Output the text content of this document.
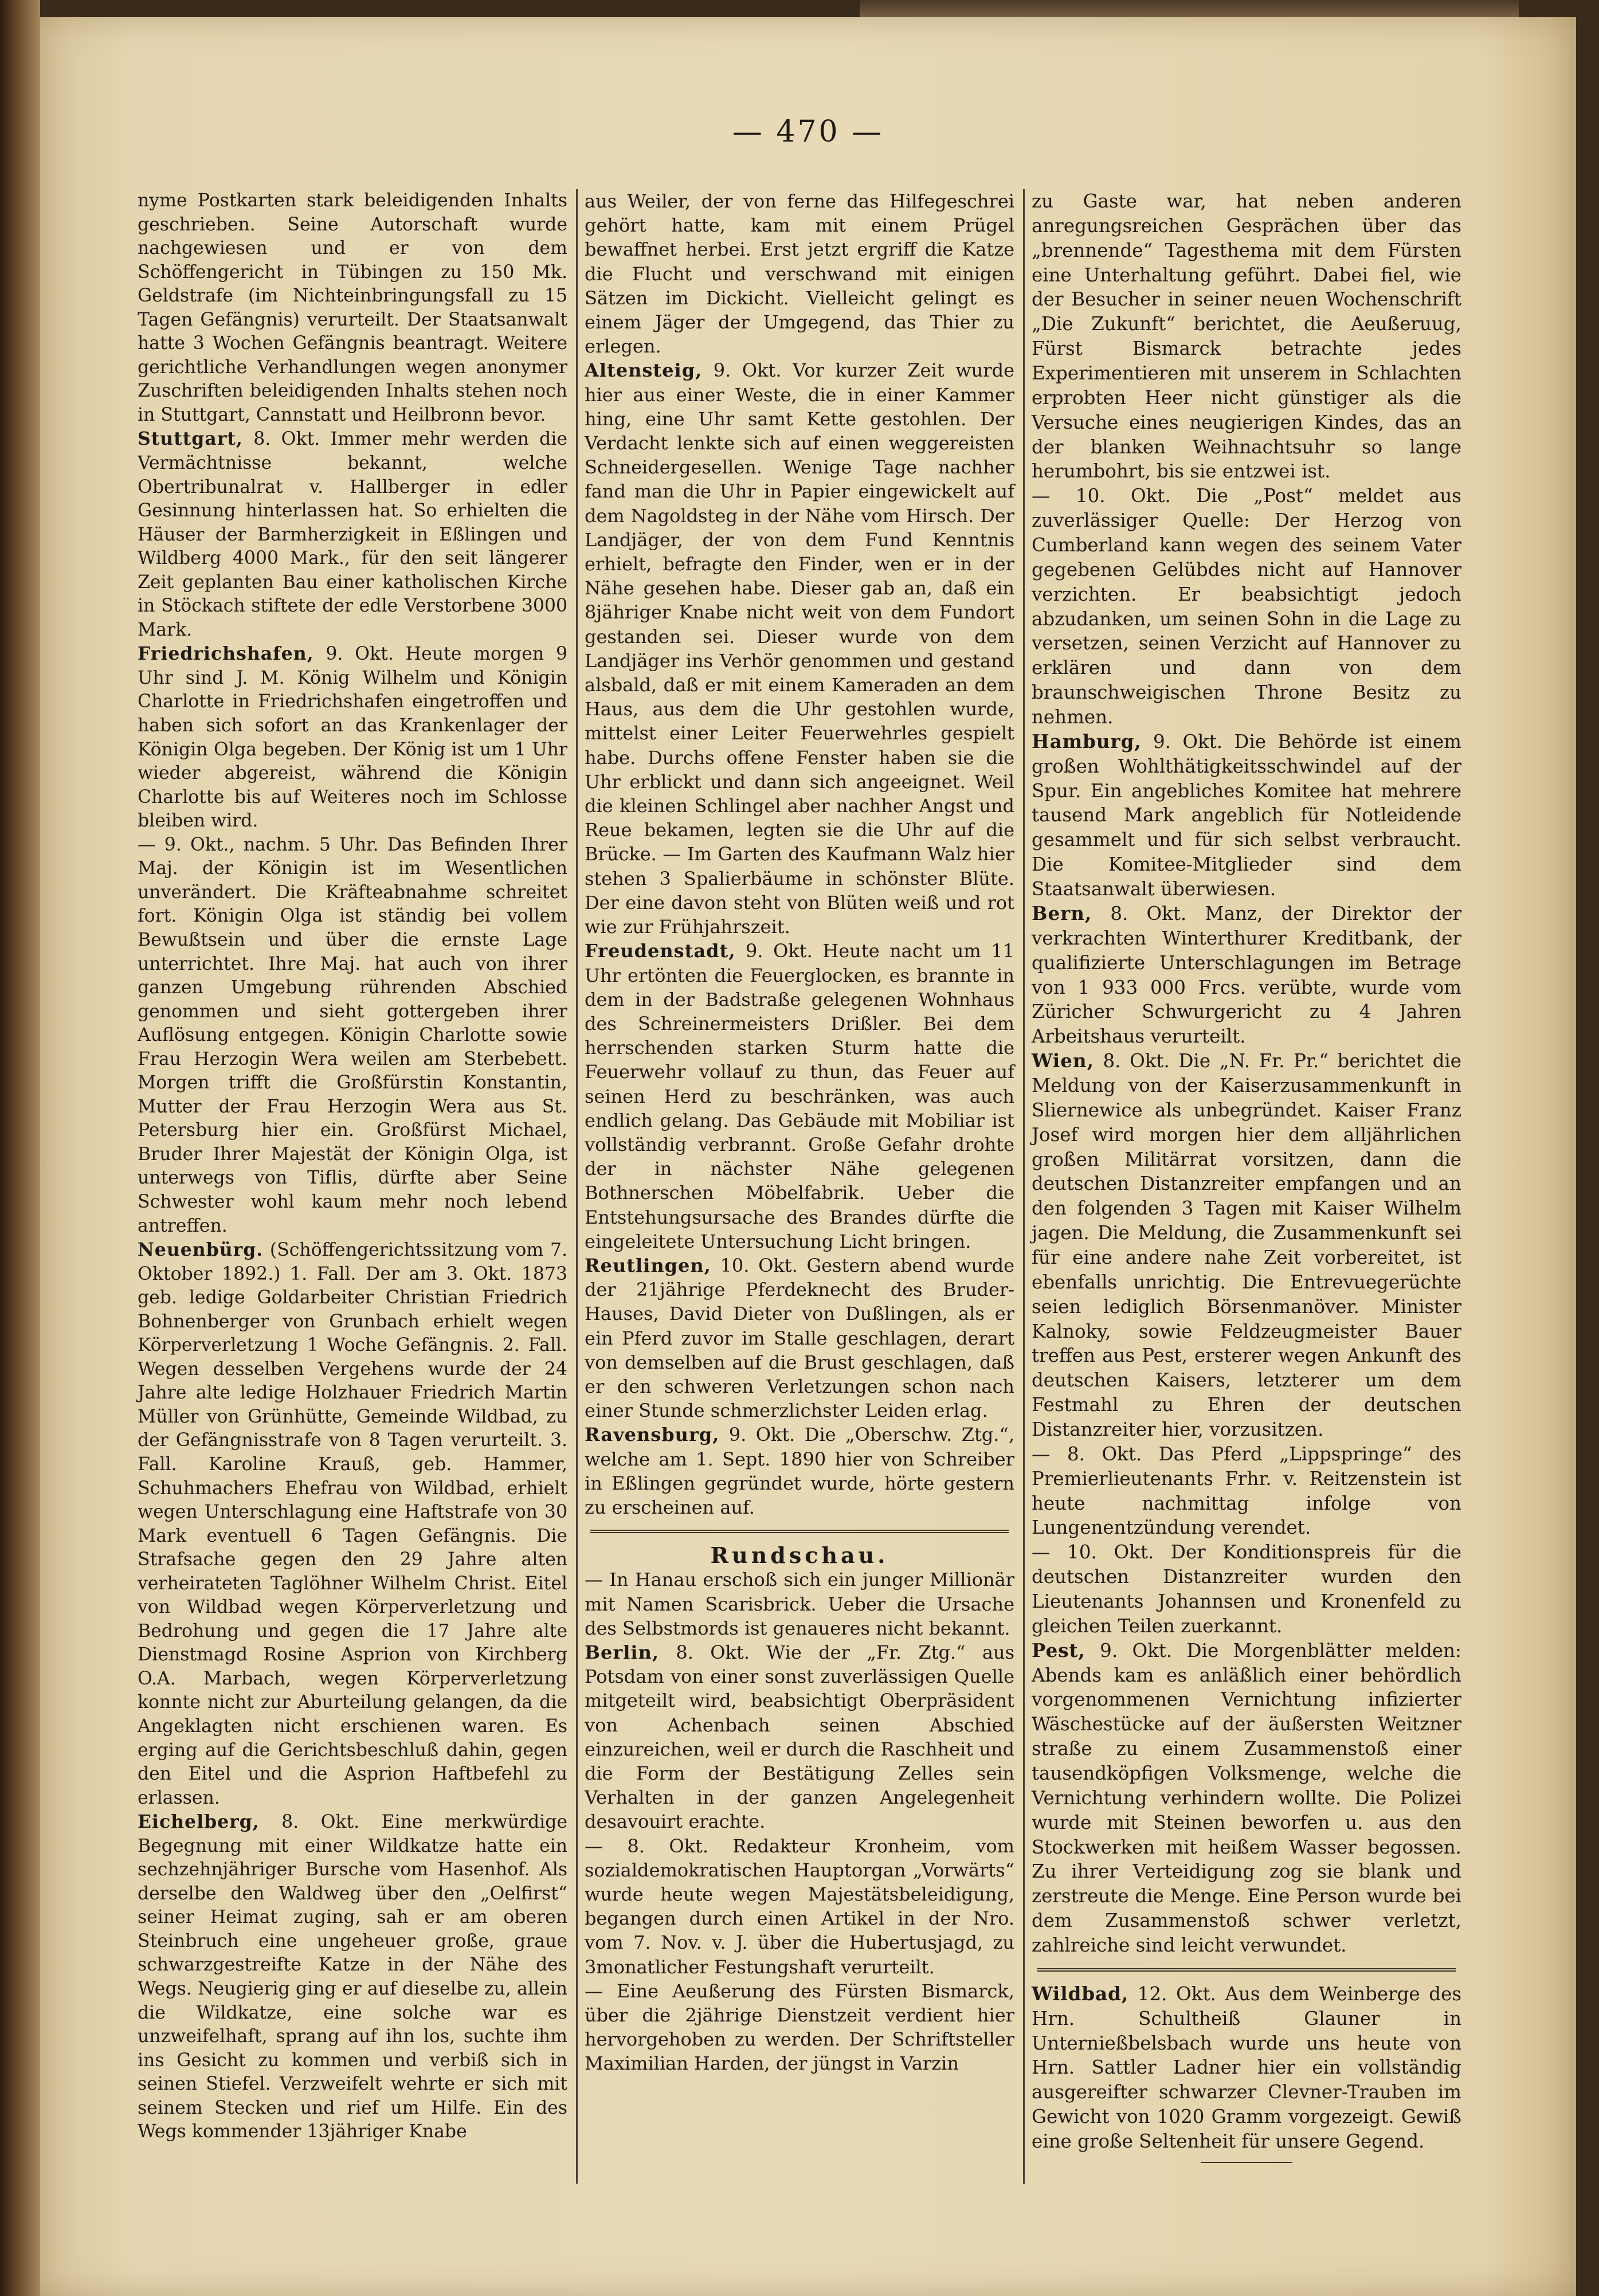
— 470 —

nyme Postkarten stark beleidigenden Inhalts geschrieben. Seine Autorschaft wurde nachgewiesen und er von dem Schöffengericht in Tübingen zu 150 Mk. Geldstrafe (im Nichteinbringungsfall zu 15 Tagen Gefängnis) verurteilt. Der Staatsanwalt hatte 3 Wochen Gefängnis beantragt. Weitere gerichtliche Verhandlungen wegen anonymer Zuschriften beleidigenden Inhalts stehen noch in Stuttgart, Cannstatt und Heilbronn bevor.

Stuttgart, 8. Okt. Immer mehr werden die Vermächtnisse bekannt, welche Obertribunalrat v. Hallberger in edler Gesinnung hinterlassen hat. So erhielten die Häuser der Barmherzigkeit in Eßlingen und Wildberg 4000 Mark., für den seit längerer Zeit geplanten Bau einer katholischen Kirche in Stöckach stiftete der edle Verstorbene 3000 Mark.

Friedrichshafen, 9. Okt. Heute morgen 9 Uhr sind J. M. König Wilhelm und Königin Charlotte in Friedrichshafen eingetroffen und haben sich sofort an das Krankenlager der Königin Olga begeben. Der König ist um 1 Uhr wieder abgereist, während die Königin Charlotte bis auf Weiteres noch im Schlosse bleiben wird.

— 9. Okt., nachm. 5 Uhr. Das Befinden Ihrer Maj. der Königin ist im Wesentlichen unverändert. Die Kräfteabnahme schreitet fort. Königin Olga ist ständig bei vollem Bewußtsein und über die ernste Lage unterrichtet. Ihre Maj. hat auch von ihrer ganzen Umgebung rührenden Abschied genommen und sieht gottergeben ihrer Auflösung entgegen. Königin Charlotte sowie Frau Herzogin Wera weilen am Sterbebett. Morgen trifft die Großfürstin Konstantin, Mutter der Frau Herzogin Wera aus St. Petersburg hier ein. Großfürst Michael, Bruder Ihrer Majestät der Königin Olga, ist unterwegs von Tiflis, dürfte aber Seine Schwester wohl kaum mehr noch lebend antreffen.

Neuenbürg. (Schöffengerichtssitzung vom 7. Oktober 1892.) 1. Fall. Der am 3. Okt. 1873 geb. ledige Goldarbeiter Christian Friedrich Bohnenberger von Grunbach erhielt wegen Körperverletzung 1 Woche Gefängnis. 2. Fall. Wegen desselben Vergehens wurde der 24 Jahre alte ledige Holzhauer Friedrich Martin Müller von Grünhütte, Gemeinde Wildbad, zu der Gefängnisstrafe von 8 Tagen verurteilt. 3. Fall. Karoline Krauß, geb. Hammer, Schuhmachers Ehefrau von Wildbad, erhielt wegen Unterschlagung eine Haftstrafe von 30 Mark eventuell 6 Tagen Gefängnis. Die Strafsache gegen den 29 Jahre alten verheirateten Taglöhner Wilhelm Christ. Eitel von Wildbad wegen Körperverletzung und Bedrohung und gegen die 17 Jahre alte Dienstmagd Rosine Asprion von Kirchberg O.A. Marbach, wegen Körperverletzung konnte nicht zur Aburteilung gelangen, da die Angeklagten nicht erschienen waren. Es erging auf die Gerichtsbeschluß dahin, gegen den Eitel und die Asprion Haftbefehl zu erlassen.

Eichelberg, 8. Okt. Eine merkwürdige Begegnung mit einer Wildkatze hatte ein sechzehnjähriger Bursche vom Hasenhof. Als derselbe den Waldweg über den „Oelfirst“ seiner Heimat zuging, sah er am oberen Steinbruch eine ungeheuer große, graue schwarzgestreifte Katze in der Nähe des Wegs. Neugierig ging er auf dieselbe zu, allein die Wildkatze, eine solche war es unzweifelhaft, sprang auf ihn los, suchte ihm ins Gesicht zu kommen und verbiß sich in seinen Stiefel. Verzweifelt wehrte er sich mit seinem Stecken und rief um Hilfe. Ein des Wegs kommender 13jähriger Knabe

aus Weiler, der von ferne das Hilfegeschrei gehört hatte, kam mit einem Prügel bewaffnet herbei. Erst jetzt ergriff die Katze die Flucht und verschwand mit einigen Sätzen im Dickicht. Vielleicht gelingt es einem Jäger der Umgegend, das Thier zu erlegen.

Altensteig, 9. Okt. Vor kurzer Zeit wurde hier aus einer Weste, die in einer Kammer hing, eine Uhr samt Kette gestohlen. Der Verdacht lenkte sich auf einen weggereisten Schneidergesellen. Wenige Tage nachher fand man die Uhr in Papier eingewickelt auf dem Nagoldsteg in der Nähe vom Hirsch. Der Landjäger, der von dem Fund Kenntnis erhielt, befragte den Finder, wen er in der Nähe gesehen habe. Dieser gab an, daß ein 8jähriger Knabe nicht weit von dem Fundort gestanden sei. Dieser wurde von dem Landjäger ins Verhör genommen und gestand alsbald, daß er mit einem Kameraden an dem Haus, aus dem die Uhr gestohlen wurde, mittelst einer Leiter Feuerwehrles gespielt habe. Durchs offene Fenster haben sie die Uhr erblickt und dann sich angeeignet. Weil die kleinen Schlingel aber nachher Angst und Reue bekamen, legten sie die Uhr auf die Brücke. — Im Garten des Kaufmann Walz hier stehen 3 Spalierbäume in schönster Blüte. Der eine davon steht von Blüten weiß und rot wie zur Frühjahrszeit.

Freudenstadt, 9. Okt. Heute nacht um 11 Uhr ertönten die Feuerglocken, es brannte in dem in der Badstraße gelegenen Wohnhaus des Schreinermeisters Drißler. Bei dem herrschenden starken Sturm hatte die Feuerwehr vollauf zu thun, das Feuer auf seinen Herd zu beschränken, was auch endlich gelang. Das Gebäude mit Mobiliar ist vollständig verbrannt. Große Gefahr drohte der in nächster Nähe gelegenen Bothnerschen Möbelfabrik. Ueber die Entstehungsursache des Brandes dürfte die eingeleitete Untersuchung Licht bringen.

Reutlingen, 10. Okt. Gestern abend wurde der 21jährige Pferdeknecht des Bruder-Hauses, David Dieter von Dußlingen, als er ein Pferd zuvor im Stalle geschlagen, derart von demselben auf die Brust geschlagen, daß er den schweren Verletzungen schon nach einer Stunde schmerzlichster Leiden erlag.

Ravensburg, 9. Okt. Die „Oberschw. Ztg.“, welche am 1. Sept. 1890 hier von Schreiber in Eßlingen gegründet wurde, hörte gestern zu erscheinen auf.

Rundschau.

— In Hanau erschoß sich ein junger Millionär mit Namen Scarisbrick. Ueber die Ursache des Selbstmords ist genaueres nicht bekannt.

Berlin, 8. Okt. Wie der „Fr. Ztg.“ aus Potsdam von einer sonst zuverlässigen Quelle mitgeteilt wird, beabsichtigt Oberpräsident von Achenbach seinen Abschied einzureichen, weil er durch die Raschheit und die Form der Bestätigung Zelles sein Verhalten in der ganzen Angelegenheit desavouirt erachte.

— 8. Okt. Redakteur Kronheim, vom sozialdemokratischen Hauptorgan „Vorwärts“ wurde heute wegen Majestätsbeleidigung, begangen durch einen Artikel in der Nro. vom 7. Nov. v. J. über die Hubertusjagd, zu 3monatlicher Festungshaft verurteilt.

— Eine Aeußerung des Fürsten Bismarck, über die 2jährige Dienstzeit verdient hier hervorgehoben zu werden. Der Schriftsteller Maximilian Harden, der jüngst in Varzin

zu Gaste war, hat neben anderen anregungsreichen Gesprächen über das „brennende“ Tagesthema mit dem Fürsten eine Unterhaltung geführt. Dabei fiel, wie der Besucher in seiner neuen Wochenschrift „Die Zukunft“ berichtet, die Aeußeruug, Fürst Bismarck betrachte jedes Experimentieren mit unserem in Schlachten erprobten Heer nicht günstiger als die Versuche eines neugierigen Kindes, das an der blanken Weihnachtsuhr so lange herumbohrt, bis sie entzwei ist.

— 10. Okt. Die „Post“ meldet aus zuverlässiger Quelle: Der Herzog von Cumberland kann wegen des seinem Vater gegebenen Gelübdes nicht auf Hannover verzichten. Er beabsichtigt jedoch abzudanken, um seinen Sohn in die Lage zu versetzen, seinen Verzicht auf Hannover zu erklären und dann von dem braunschweigischen Throne Besitz zu nehmen.

Hamburg, 9. Okt. Die Behörde ist einem großen Wohlthätigkeitsschwindel auf der Spur. Ein angebliches Komitee hat mehrere tausend Mark angeblich für Notleidende gesammelt und für sich selbst verbraucht. Die Komitee-Mitglieder sind dem Staatsanwalt überwiesen.

Bern, 8. Okt. Manz, der Direktor der verkrachten Winterthurer Kreditbank, der qualifizierte Unterschlagungen im Betrage von 1 933 000 Frcs. verübte, wurde vom Züricher Schwurgericht zu 4 Jahren Arbeitshaus verurteilt.

Wien, 8. Okt. Die „N. Fr. Pr.“ berichtet die Meldung von der Kaiserzusammenkunft in Sliernewice als unbegründet. Kaiser Franz Josef wird morgen hier dem alljährlichen großen Militärrat vorsitzen, dann die deutschen Distanzreiter empfangen und an den folgenden 3 Tagen mit Kaiser Wilhelm jagen. Die Meldung, die Zusammenkunft sei für eine andere nahe Zeit vorbereitet, ist ebenfalls unrichtig. Die Entrevuegerüchte seien lediglich Börsenmanöver. Minister Kalnoky, sowie Feldzeugmeister Bauer treffen aus Pest, ersterer wegen Ankunft des deutschen Kaisers, letzterer um dem Festmahl zu Ehren der deutschen Distanzreiter hier, vorzusitzen.

— 8. Okt. Das Pferd „Lippspringe“ des Premierlieutenants Frhr. v. Reitzenstein ist heute nachmittag infolge von Lungenentzündung verendet.

— 10. Okt. Der Konditionspreis für die deutschen Distanzreiter wurden den Lieutenants Johannsen und Kronenfeld zu gleichen Teilen zuerkannt.

Pest, 9. Okt. Die Morgenblätter melden: Abends kam es anläßlich einer behördlich vorgenommenen Vernichtung infizierter Wäschestücke auf der äußersten Weitzner straße zu einem Zusammenstoß einer tausendköpfigen Volksmenge, welche die Vernichtung verhindern wollte. Die Polizei wurde mit Steinen beworfen u. aus den Stockwerken mit heißem Wasser begossen. Zu ihrer Verteidigung zog sie blank und zerstreute die Menge. Eine Person wurde bei dem Zusammenstoß schwer verletzt, zahlreiche sind leicht verwundet.

Wildbad, 12. Okt. Aus dem Weinberge des Hrn. Schultheiß Glauner in Unternießbelsbach wurde uns heute von Hrn. Sattler Ladner hier ein vollständig ausgereifter schwarzer Clevner-Trauben im Gewicht von 1020 Gramm vorgezeigt. Gewiß eine große Seltenheit für unsere Gegend.
